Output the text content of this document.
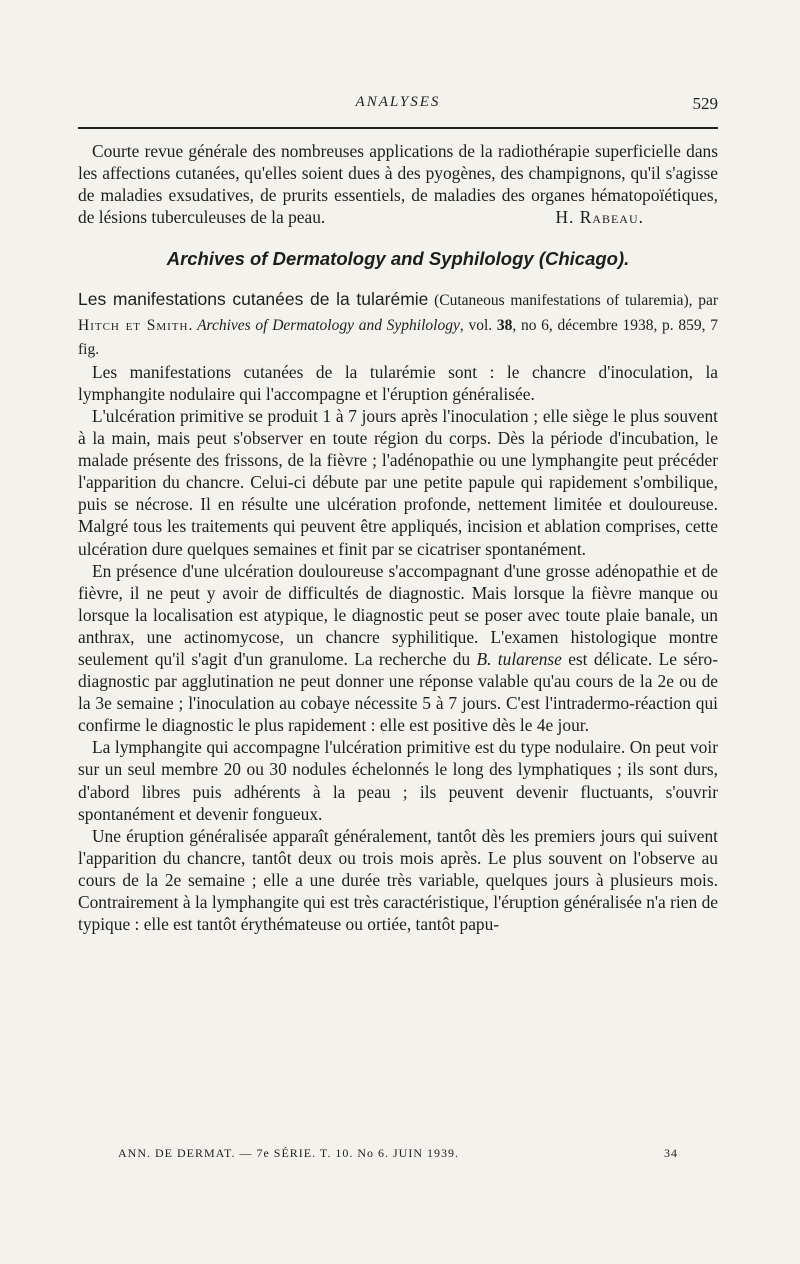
ANALYSES	529

Courte revue générale des nombreuses applications de la radiothérapie superficielle dans les affections cutanées, qu'elles soient dues à des pyogènes, des champignons, qu'il s'agisse de maladies exsudatives, de prurits essentiels, de maladies des organes hématopoïétiques, de lésions tuberculeuses de la peau.	H. Rabeau.

Archives of Dermatology and Syphilology (Chicago).

Les manifestations cutanées de la tularémie (Cutaneous manifestations of tularemia), par Hitch et Smith. Archives of Dermatology and Syphilology, vol. 38, no 6, décembre 1938, p. 859, 7 fig.

Les manifestations cutanées de la tularémie sont : le chancre d'inoculation, la lymphangite nodulaire qui l'accompagne et l'éruption généralisée.

L'ulcération primitive se produit 1 à 7 jours après l'inoculation ; elle siège le plus souvent à la main, mais peut s'observer en toute région du corps. Dès la période d'incubation, le malade présente des frissons, de la fièvre ; l'adénopathie ou une lymphangite peut précéder l'apparition du chancre. Celui-ci débute par une petite papule qui rapidement s'ombilique, puis se nécrose. Il en résulte une ulcération profonde, nettement limitée et douloureuse. Malgré tous les traitements qui peuvent être appliqués, incision et ablation comprises, cette ulcération dure quelques semaines et finit par se cicatriser spontanément.

En présence d'une ulcération douloureuse s'accompagnant d'une grosse adénopathie et de fièvre, il ne peut y avoir de difficultés de diagnostic. Mais lorsque la fièvre manque ou lorsque la localisation est atypique, le diagnostic peut se poser avec toute plaie banale, un anthrax, une actinomycose, un chancre syphilitique. L'examen histologique montre seulement qu'il s'agit d'un granulome. La recherche du B. tularense est délicate. Le séro-diagnostic par agglutination ne peut donner une réponse valable qu'au cours de la 2e ou de la 3e semaine ; l'inoculation au cobaye nécessite 5 à 7 jours. C'est l'intradermo-réaction qui confirme le diagnostic le plus rapidement : elle est positive dès le 4e jour.

La lymphangite qui accompagne l'ulcération primitive est du type nodulaire. On peut voir sur un seul membre 20 ou 30 nodules échelonnés le long des lymphatiques ; ils sont durs, d'abord libres puis adhérents à la peau ; ils peuvent devenir fluctuants, s'ouvrir spontanément et devenir fongueux.

Une éruption généralisée apparaît généralement, tantôt dès les premiers jours qui suivent l'apparition du chancre, tantôt deux ou trois mois après. Le plus souvent on l'observe au cours de la 2e semaine ; elle a une durée très variable, quelques jours à plusieurs mois. Contrairement à la lymphangite qui est très caractéristique, l'éruption généralisée n'a rien de typique : elle est tantôt érythémateuse ou ortiée, tantôt papu-

ANN. DE DERMAT. — 7e SÉRIE. T. 10. No 6. JUIN 1939.	34
